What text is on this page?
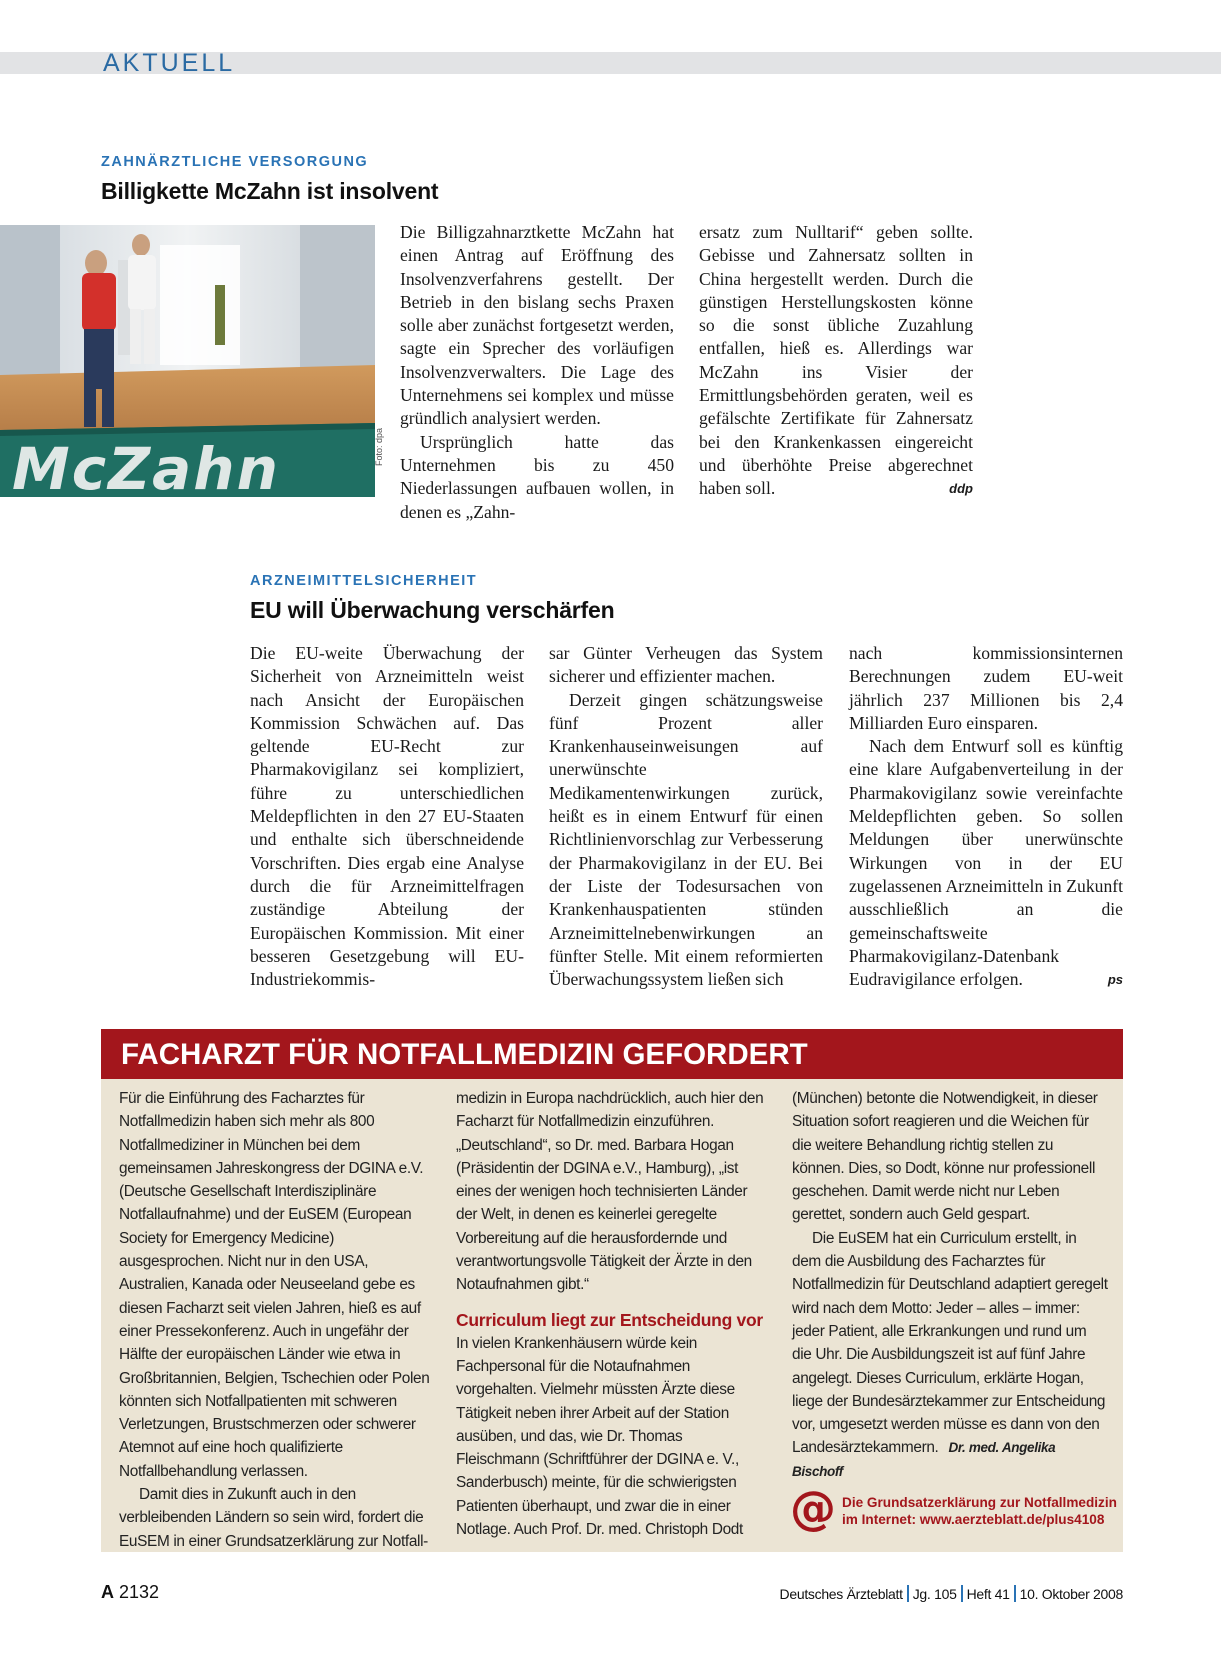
AKTUELL
ZAHNÄRZTLICHE VERSORGUNG
Billigkette McZahn ist insolvent
McZahn	Foto: dpa

Die Billigzahnarztkette McZahn hat einen Antrag auf Eröffnung des Insolvenzverfahrens gestellt. Der Betrieb in den bislang sechs Praxen solle aber zunächst fortgesetzt werden, sagte ein Sprecher des vorläufigen Insolvenzverwalters. Die Lage des Unternehmens sei komplex und müsse gründlich analysiert werden.

Ursprünglich hatte das Unternehmen bis zu 450 Niederlassungen aufbauen wollen, in denen es „Zahn-

ersatz zum Nulltarif“ geben sollte. Gebisse und Zahnersatz sollten in China hergestellt werden. Durch die günstigen Herstellungskosten könne so die sonst übliche Zuzahlung entfallen, hieß es. Allerdings war McZahn ins Visier der Ermittlungsbehörden geraten, weil es gefälschte Zertifikate für Zahnersatz bei den Krankenkassen eingereicht und überhöhte Preise abgerechnet haben soll.	ddp

ARZNEIMITTELSICHERHEIT
EU will Überwachung verschärfen

Die EU-weite Überwachung der Sicherheit von Arzneimitteln weist nach Ansicht der Europäischen Kommission Schwächen auf. Das geltende EU-Recht zur Pharmakovigilanz sei kompliziert, führe zu unterschiedlichen Meldepflichten in den 27 EU-Staaten und enthalte sich überschneidende Vorschriften. Dies ergab eine Analyse durch die für Arzneimittelfragen zuständige Abteilung der Europäischen Kommission. Mit einer besseren Gesetzgebung will EU-Industriekommis-

sar Günter Verheugen das System sicherer und effizienter machen.

Derzeit gingen schätzungsweise fünf Prozent aller Krankenhauseinweisungen auf unerwünschte Medikamentenwirkungen zurück, heißt es in einem Entwurf für einen Richtlinienvorschlag zur Verbesserung der Pharmakovigilanz in der EU. Bei der Liste der Todesursachen von Krankenhauspatienten stünden Arzneimittelnebenwirkungen an fünfter Stelle. Mit einem reformierten Überwachungssystem ließen sich

nach kommissionsinternen Berechnungen zudem EU-weit jährlich 237 Millionen bis 2,4 Milliarden Euro einsparen.

Nach dem Entwurf soll es künftig eine klare Aufgabenverteilung in der Pharmakovigilanz sowie vereinfachte Meldepflichten geben. So sollen Meldungen über unerwünschte Wirkungen von in der EU zugelassenen Arzneimitteln in Zukunft ausschließlich an die gemeinschaftsweite Pharmakovigilanz-Datenbank Eudravigilance erfolgen.	ps

FACHARZT FÜR NOTFALLMEDIZIN GEFORDERT

Für die Einführung des Facharztes für Notfallmedizin haben sich mehr als 800 Notfallmediziner in München bei dem gemeinsamen Jahreskongress der DGINA e.V. (Deutsche Gesellschaft Interdisziplinäre Notfallaufnahme) und der EuSEM (European Society for Emergency Medicine) ausgesprochen. Nicht nur in den USA, Australien, Kanada oder Neuseeland gebe es diesen Facharzt seit vielen Jahren, hieß es auf einer Pressekonferenz. Auch in ungefähr der Hälfte der europäischen Länder wie etwa in Großbritannien, Belgien, Tschechien oder Polen könnten sich Notfallpatienten mit schweren Verletzungen, Brustschmerzen oder schwerer Atemnot auf eine hoch qualifizierte Notfallbehandlung verlassen.

Damit dies in Zukunft auch in den verbleibenden Ländern so sein wird, fordert die EuSEM in einer Grundsatzerklärung zur Notfall-

medizin in Europa nachdrücklich, auch hier den Facharzt für Notfallmedizin einzuführen. „Deutschland“, so Dr. med. Barbara Hogan (Präsidentin der DGINA e.V., Hamburg), „ist eines der wenigen hoch technisierten Länder der Welt, in denen es keinerlei geregelte Vorbereitung auf die herausfordernde und verantwortungsvolle Tätigkeit der Ärzte in den Notaufnahmen gibt.“

Curriculum liegt zur Entscheidung vor

In vielen Krankenhäusern würde kein Fachpersonal für die Notaufnahmen vorgehalten. Vielmehr müssten Ärzte diese Tätigkeit neben ihrer Arbeit auf der Station ausüben, und das, wie Dr. Thomas Fleischmann (Schriftführer der DGINA e. V., Sanderbusch) meinte, für die schwierigsten Patienten überhaupt, und zwar die in einer Notlage. Auch Prof. Dr. med. Christoph Dodt

(München) betonte die Notwendigkeit, in dieser Situation sofort reagieren und die Weichen für die weitere Behandlung richtig stellen zu können. Dies, so Dodt, könne nur professionell geschehen. Damit werde nicht nur Leben gerettet, sondern auch Geld gespart.

Die EuSEM hat ein Curriculum erstellt, in dem die Ausbildung des Facharztes für Notfallmedizin für Deutschland adaptiert geregelt wird nach dem Motto: Jeder – alles – immer: jeder Patient, alle Erkrankungen und rund um die Uhr. Die Ausbildungszeit ist auf fünf Jahre angelegt. Dieses Curriculum, erklärte Hogan, liege der Bundesärztekammer zur Entscheidung vor, umgesetzt werden müsse es dann von den Landesärztekammern. Dr. med. Angelika Bischoff

@ Die Grundsatzerklärung zur Notfallmedizin
im Internet: www.aerzteblatt.de/plus4108
A 2132	Deutsches Ärzteblatt Jg. 105 Heft 41 10. Oktober 2008
